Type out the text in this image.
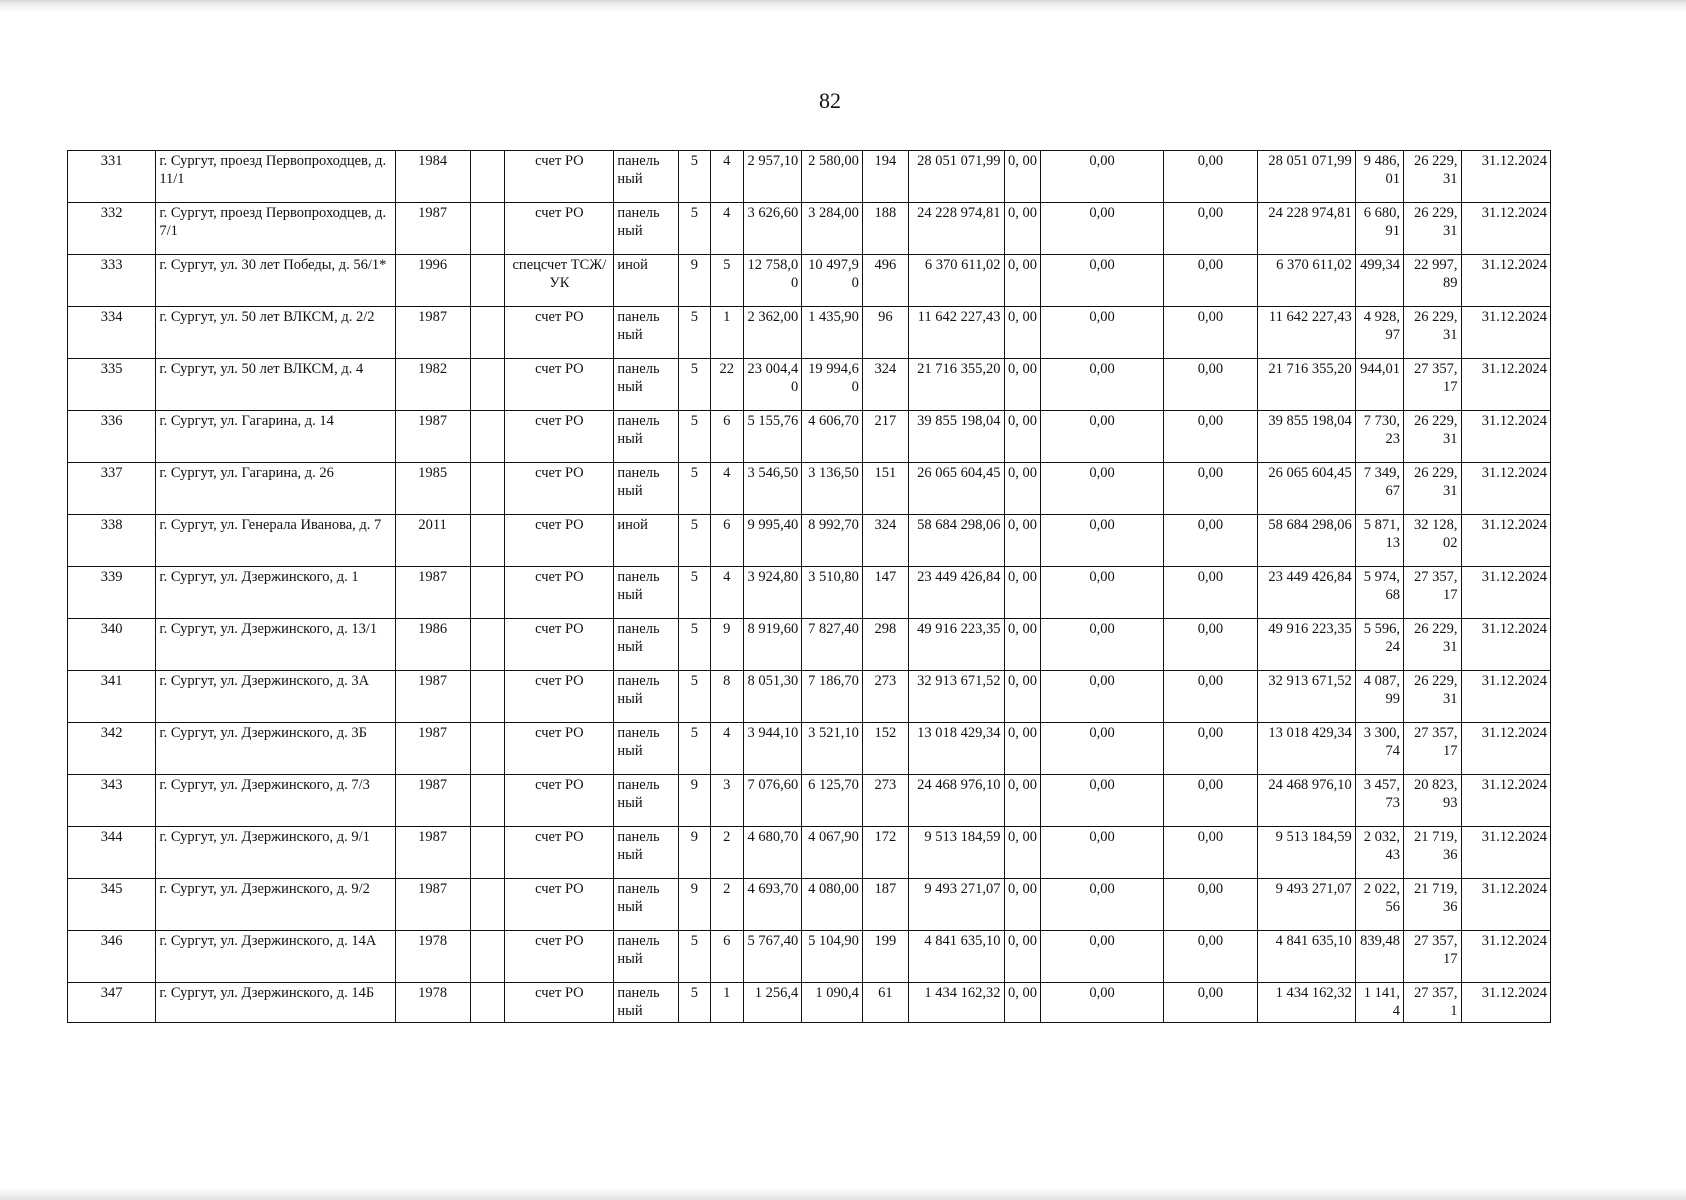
82
331	г. Сургут, проезд Первопроходцев, д. 11/1	1984		счет РО	панель ный	5	4	2 957,10	2 580,00	194	28 051 071,99	0, 00	0,00	0,00	28 051 071,99	9 486,01	26 229,31	31.12.2024
332	г. Сургут, проезд Первопроходцев, д. 7/1	1987		счет РО	панель ный	5	4	3 626,60	3 284,00	188	24 228 974,81	0, 00	0,00	0,00	24 228 974,81	6 680,91	26 229,31	31.12.2024
333	г. Сургут, ул. 30 лет Победы, д. 56/1*	1996		спецсчет ТСЖ/УК	иной	9	5	12 758,00	10 497,90	496	6 370 611,02	0, 00	0,00	0,00	6 370 611,02	499,34	22 997,89	31.12.2024
334	г. Сургут, ул. 50 лет ВЛКСМ, д. 2/2	1987		счет РО	панель ный	5	1	2 362,00	1 435,90	96	11 642 227,43	0, 00	0,00	0,00	11 642 227,43	4 928,97	26 229,31	31.12.2024
335	г. Сургут, ул. 50 лет ВЛКСМ, д. 4	1982		счет РО	панель ный	5	22	23 004,40	19 994,60	324	21 716 355,20	0, 00	0,00	0,00	21 716 355,20	944,01	27 357,17	31.12.2024
336	г. Сургут, ул. Гагарина, д. 14	1987		счет РО	панель ный	5	6	5 155,76	4 606,70	217	39 855 198,04	0, 00	0,00	0,00	39 855 198,04	7 730,23	26 229,31	31.12.2024
337	г. Сургут, ул. Гагарина, д. 26	1985		счет РО	панель ный	5	4	3 546,50	3 136,50	151	26 065 604,45	0, 00	0,00	0,00	26 065 604,45	7 349,67	26 229,31	31.12.2024
338	г. Сургут, ул. Генерала Иванова, д. 7	2011		счет РО	иной	5	6	9 995,40	8 992,70	324	58 684 298,06	0, 00	0,00	0,00	58 684 298,06	5 871,13	32 128,02	31.12.2024
339	г. Сургут, ул. Дзержинского, д. 1	1987		счет РО	панель ный	5	4	3 924,80	3 510,80	147	23 449 426,84	0, 00	0,00	0,00	23 449 426,84	5 974,68	27 357,17	31.12.2024
340	г. Сургут, ул. Дзержинского, д. 13/1	1986		счет РО	панель ный	5	9	8 919,60	7 827,40	298	49 916 223,35	0, 00	0,00	0,00	49 916 223,35	5 596,24	26 229,31	31.12.2024
341	г. Сургут, ул. Дзержинского, д. 3А	1987		счет РО	панель ный	5	8	8 051,30	7 186,70	273	32 913 671,52	0, 00	0,00	0,00	32 913 671,52	4 087,99	26 229,31	31.12.2024
342	г. Сургут, ул. Дзержинского, д. 3Б	1987		счет РО	панель ный	5	4	3 944,10	3 521,10	152	13 018 429,34	0, 00	0,00	0,00	13 018 429,34	3 300,74	27 357,17	31.12.2024
343	г. Сургут, ул. Дзержинского, д. 7/3	1987		счет РО	панель ный	9	3	7 076,60	6 125,70	273	24 468 976,10	0, 00	0,00	0,00	24 468 976,10	3 457,73	20 823,93	31.12.2024
344	г. Сургут, ул. Дзержинского, д. 9/1	1987		счет РО	панель ный	9	2	4 680,70	4 067,90	172	9 513 184,59	0, 00	0,00	0,00	9 513 184,59	2 032,43	21 719,36	31.12.2024
345	г. Сургут, ул. Дзержинского, д. 9/2	1987		счет РО	панель ный	9	2	4 693,70	4 080,00	187	9 493 271,07	0, 00	0,00	0,00	9 493 271,07	2 022,56	21 719,36	31.12.2024
346	г. Сургут, ул. Дзержинского, д. 14А	1978		счет РО	панель ный	5	6	5 767,40	5 104,90	199	4 841 635,10	0, 00	0,00	0,00	4 841 635,10	839,48	27 357,17	31.12.2024
347	г. Сургут, ул. Дзержинского, д. 14Б	1978		счет РО	панель ный	5	1	1 256,4	1 090,4	61	1 434 162,32	0, 00	0,00	0,00	1 434 162,32	1 141,4	27 357,1	31.12.2024
